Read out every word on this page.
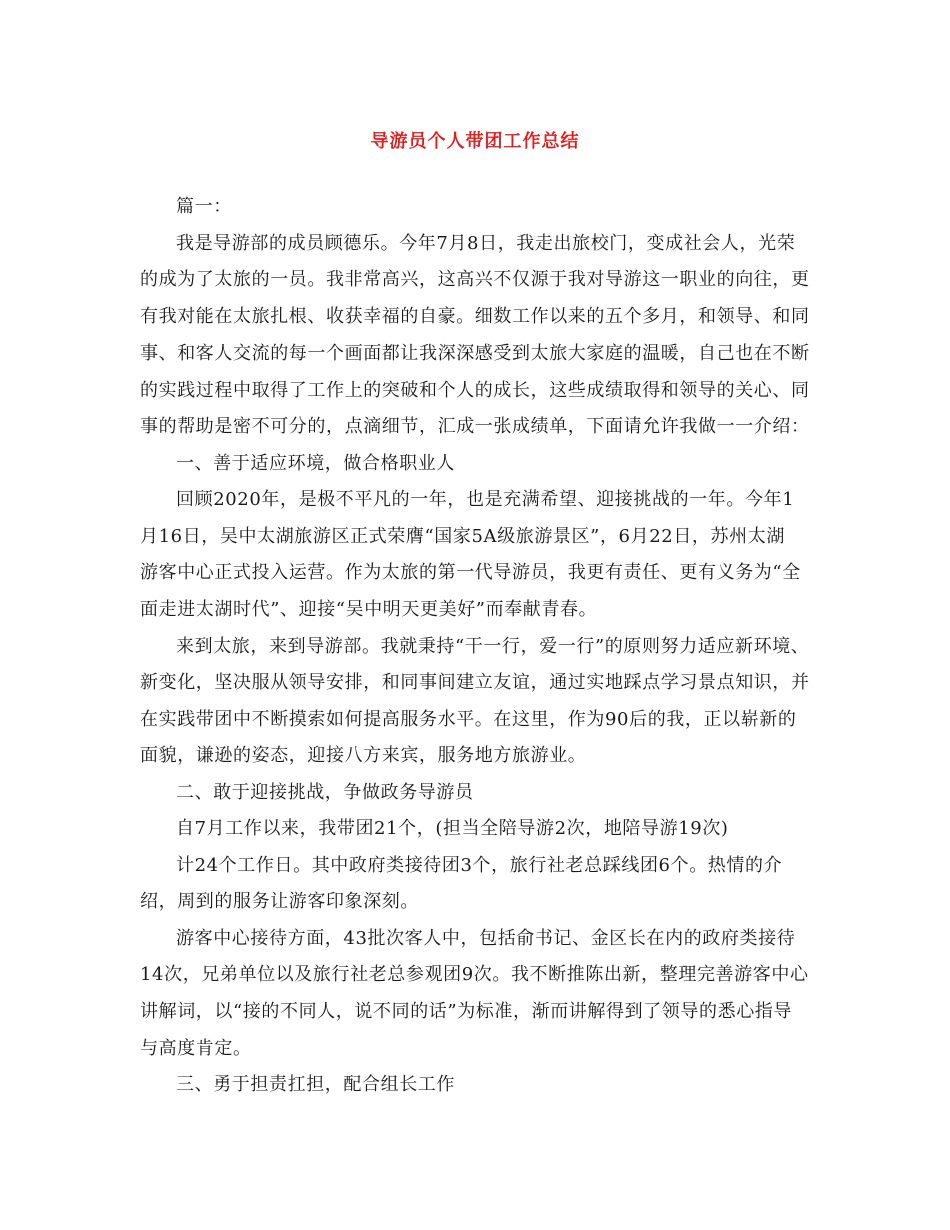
导游员个人带团工作总结
篇一：
我是导游部的成员顾德乐。今年7月8日，我走出旅校门，变成社会人，光荣
的成为了太旅的一员。我非常高兴，这高兴不仅源于我对导游这一职业的向往，更
有我对能在太旅扎根、收获幸福的自豪。细数工作以来的五个多月，和领导、和同
事、和客人交流的每一个画面都让我深深感受到太旅大家庭的温暖，自己也在不断
的实践过程中取得了工作上的突破和个人的成长，这些成绩取得和领导的关心、同
事的帮助是密不可分的，点滴细节，汇成一张成绩单，下面请允许我做一一介绍：
一、善于适应环境，做合格职业人
回顾2020年，是极不平凡的一年，也是充满希望、迎接挑战的一年。今年1
月16日，吴中太湖旅游区正式荣膺“国家5A级旅游景区”，6月22日，苏州太湖
游客中心正式投入运营。作为太旅的第一代导游员，我更有责任、更有义务为“全
面走进太湖时代”、迎接“吴中明天更美好”而奉献青春。
来到太旅，来到导游部。我就秉持“干一行，爱一行”的原则努力适应新环境、
新变化，坚决服从领导安排，和同事间建立友谊，通过实地踩点学习景点知识，并
在实践带团中不断摸索如何提高服务水平。在这里，作为90后的我，正以崭新的
面貌，谦逊的姿态，迎接八方来宾，服务地方旅游业。
二、敢于迎接挑战，争做政务导游员
自7月工作以来，我带团21个，(担当全陪导游2次，地陪导游19次)
计24个工作日。其中政府类接待团3个，旅行社老总踩线团6个。热情的介
绍，周到的服务让游客印象深刻。
游客中心接待方面，43批次客人中，包括俞书记、金区长在内的政府类接待
14次，兄弟单位以及旅行社老总参观团9次。我不断推陈出新，整理完善游客中心
讲解词，以“接的不同人，说不同的话”为标准，渐而讲解得到了领导的悉心指导
与高度肯定。
三、勇于担责扛担，配合组长工作
